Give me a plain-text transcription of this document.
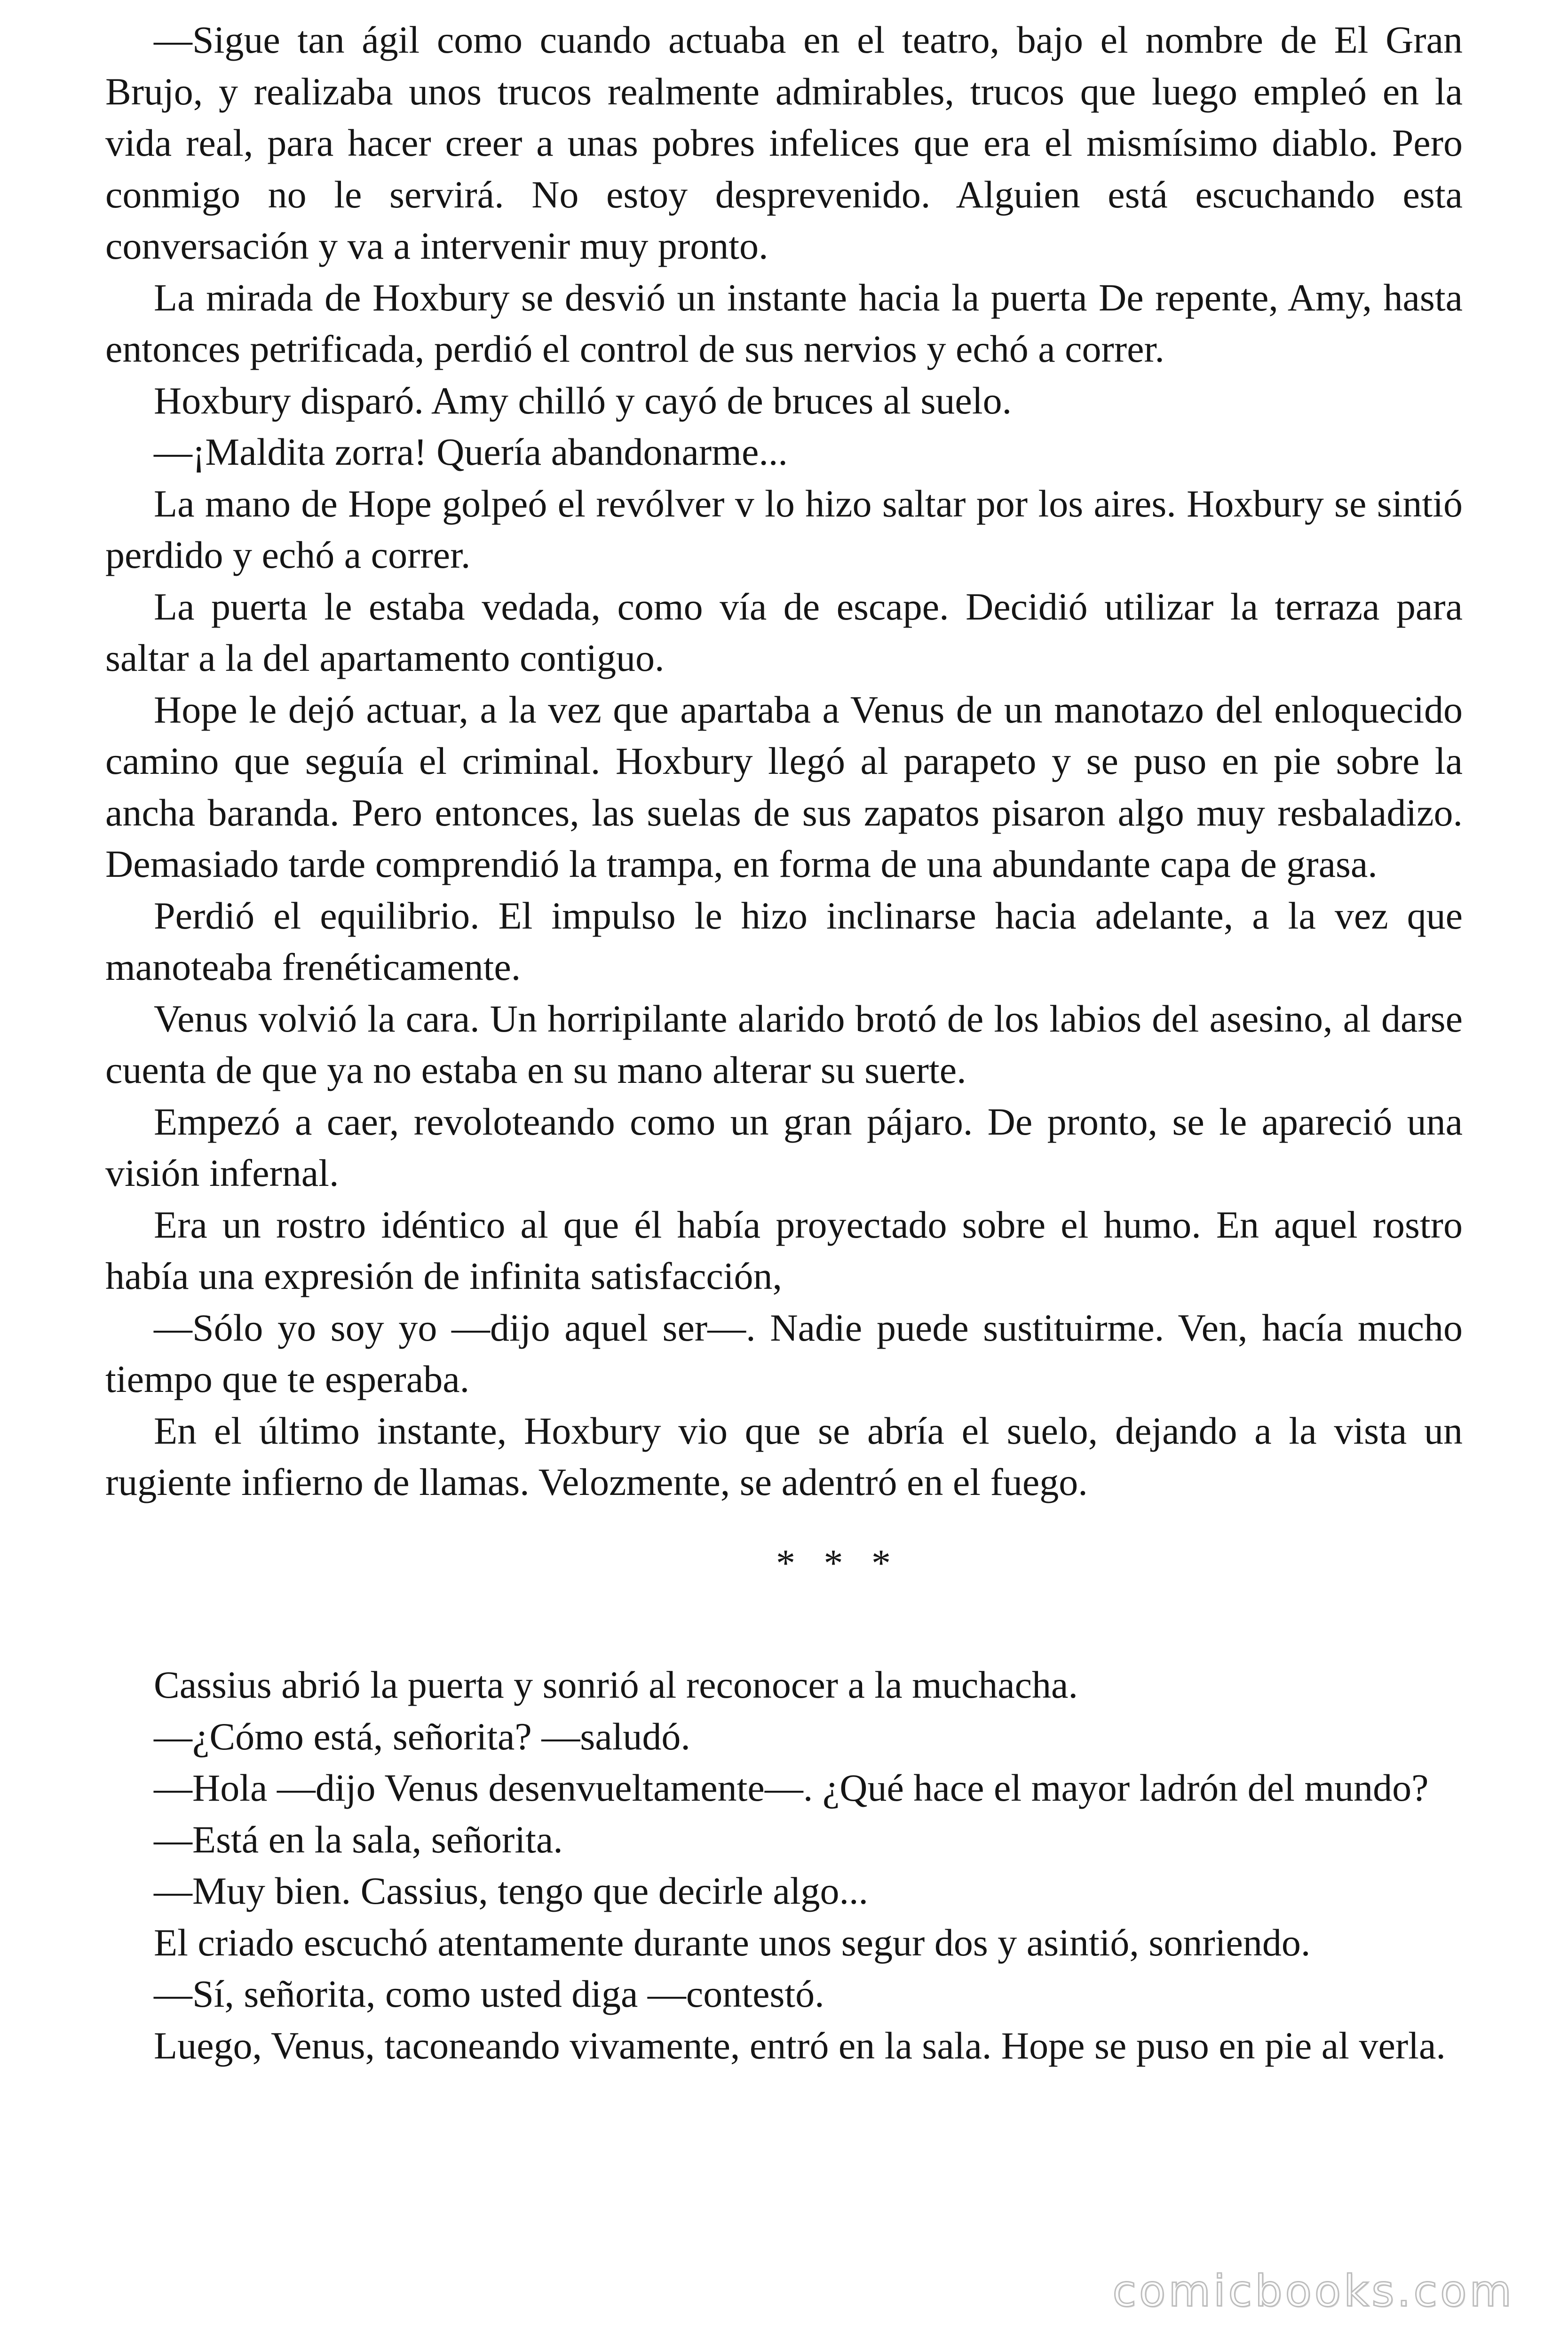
—Sigue tan ágil como cuando actuaba en el teatro, bajo el nombre de El Gran Brujo, y realizaba unos trucos realmente admirables, trucos que luego empleó en la vida real, para hacer creer a unas pobres infelices que era el mismísimo diablo. Pero conmigo no le servirá. No estoy desprevenido. Alguien está escuchando esta conversación y va a intervenir muy pronto.

La mirada de Hoxbury se desvió un instante hacia la puerta De repente, Amy, hasta entonces petrificada, perdió el control de sus nervios y echó a correr.

Hoxbury disparó. Amy chilló y cayó de bruces al suelo.

—¡Maldita zorra! Quería abandonarme...

La mano de Hope golpeó el revólver v lo hizo saltar por los aires. Hoxbury se sintió perdido y echó a correr.

La puerta le estaba vedada, como vía de escape. Decidió utilizar la terraza para saltar a la del apartamento contiguo.

Hope le dejó actuar, a la vez que apartaba a Venus de un manotazo del enloquecido camino que seguía el criminal. Hoxbury llegó al parapeto y se puso en pie sobre la ancha baranda. Pero entonces, las suelas de sus zapatos pisaron algo muy resbaladizo. Demasiado tarde comprendió la trampa, en forma de una abundante capa de grasa.

Perdió el equilibrio. El impulso le hizo inclinarse hacia adelante, a la vez que manoteaba frenéticamente.

Venus volvió la cara. Un horripilante alarido brotó de los labios del asesino, al darse cuenta de que ya no estaba en su mano alterar su suerte.

Empezó a caer, revoloteando como un gran pájaro. De pronto, se le apareció una visión infernal.

Era un rostro idéntico al que él había proyectado sobre el humo. En aquel rostro había una expresión de infinita satisfacción,

—Sólo yo soy yo —dijo aquel ser—. Nadie puede sustituirme. Ven, hacía mucho tiempo que te esperaba.

En el último instante, Hoxbury vio que se abría el suelo, dejando a la vista un rugiente infierno de llamas. Velozmente, se adentró en el fuego.

* * *

Cassius abrió la puerta y sonrió al reconocer a la muchacha.

—¿Cómo está, señorita? —saludó.

—Hola —dijo Venus desenvueltamente—. ¿Qué hace el mayor ladrón del mundo?

—Está en la sala, señorita.

—Muy bien. Cassius, tengo que decirle algo...

El criado escuchó atentamente durante unos segur dos y asintió, sonriendo.

—Sí, señorita, como usted diga —contestó.

Luego, Venus, taconeando vivamente, entró en la sala. Hope se puso en pie al verla.

comicbooks.com
